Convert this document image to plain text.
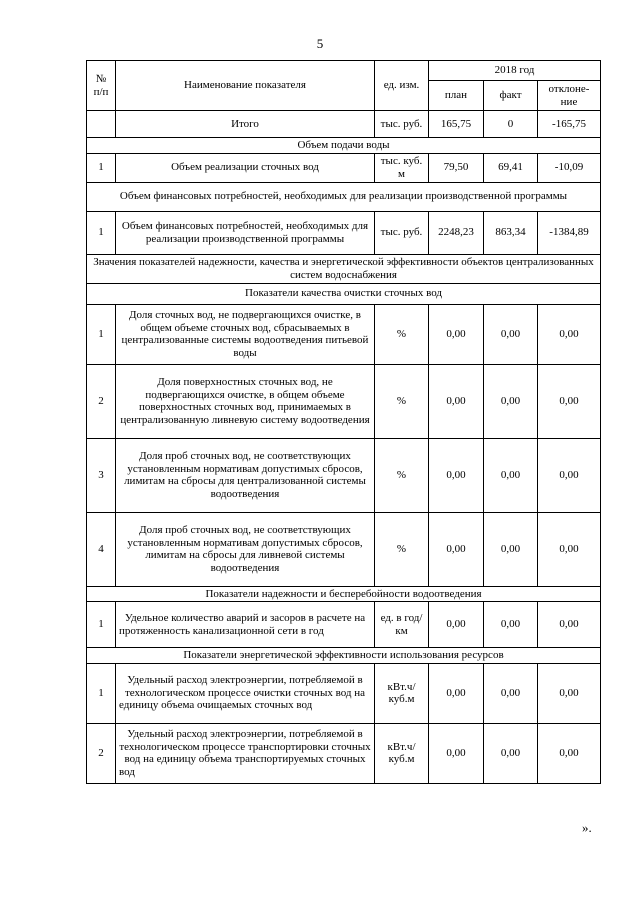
5
№ п/п	Наименование показателя	ед. изм.	2018 год		
			план	факт	отклоне-ние
	Итого	тыс. руб.	165,75	0	-165,75
Объем подачи воды					
1	Объем реализации сточных вод	тыс. куб. м	79,50	69,41	-10,09
Объем финансовых потребностей, необходимых для реализации производственной программы					
1	Объем финансовых потребностей, необходимых для реализации производственной программы	тыс. руб.	2248,23	863,34	-1384,89
Значения показателей надежности, качества и энергетической эффективности объектов централизованных систем водоснабжения					
Показатели качества очистки сточных вод					
1	Доля сточных вод, не подвергающихся очистке, в общем объеме сточных вод, сбрасываемых в централизованные системы водоотведения питьевой воды	%	0,00	0,00	0,00
2	Доля поверхностных сточных вод, не подвергающихся очистке, в общем объеме поверхностных сточных вод, принимаемых в централизованную ливневую систему водоотведения	%	0,00	0,00	0,00
3	Доля проб сточных вод, не соответствующих установленным нормативам допустимых сбросов, лимитам на сбросы для централизованной системы водоотведения	%	0,00	0,00	0,00
4	Доля проб сточных вод, не соответствующих установленным нормативам допустимых сбросов, лимитам на сбросы для ливневой системы водоотведения	%	0,00	0,00	0,00
Показатели надежности и бесперебойности водоотведения					
1	Удельное количество аварий и засоров в расчете на протяженность канализационной сети в год	ед. в год/ км	0,00	0,00	0,00
Показатели энергетической эффективности использования ресурсов					
1	Удельный расход электроэнергии, потребляемой в технологическом процессе очистки сточных вод на единицу объема очищаемых сточных вод	кВт.ч/ куб.м	0,00	0,00	0,00
2	Удельный расход электроэнергии, потребляемой в технологическом процессе транспортировки сточных вод на единицу объема транспортируемых сточных вод	кВт.ч/ куб.м	0,00	0,00	0,00
».
